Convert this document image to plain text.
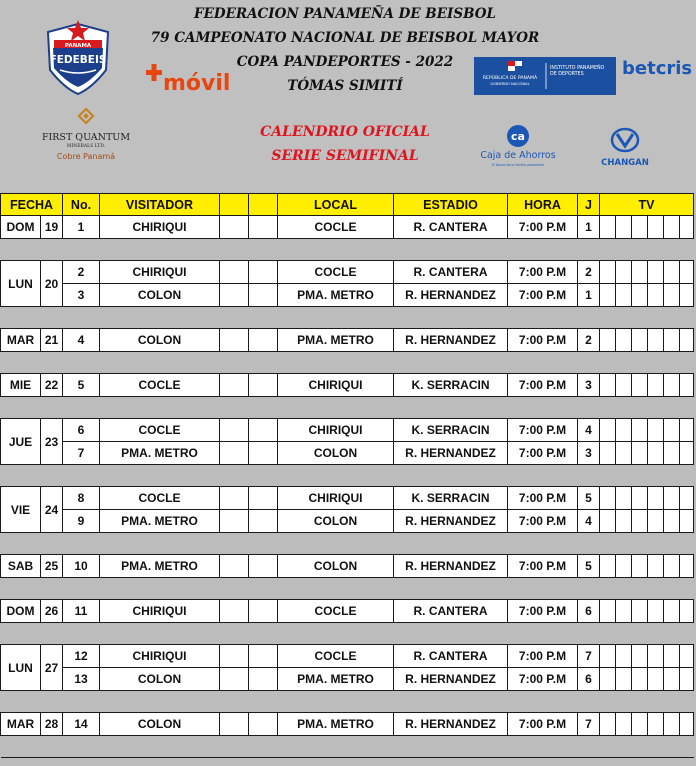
PANAMA
FEDEBEIS
móvil	REPÚBLICA DE PANAMÁ
GOBIERNO NACIONAL
INSTITUTO PANAMEÑO DE DEPORTES	betcris
FIRST QUANTUM
MINERALS LTD.
Cobre Panamá
ca
Caja de Ahorros
El banco de la familia panameña	CHANGAN
FEDERACION PANAMEÑA DE BEISBOL
79 CAMPEONATO NACIONAL DE BEISBOL MAYOR
COPA PANDEPORTES - 2022
TÓMAS SIMITÍ
CALENDRIO OFICIAL
SERIE SEMIFINAL
FECHA		No.	VISITADOR			LOCAL	ESTADIO	HORA	J	TV					
DOM	19	1	CHIRIQUI			COCLE	R. CANTERA	7:00 P.M	1						

LUN	20	2	CHIRIQUI			COCLE	R. CANTERA	7:00 P.M	2						
		3	COLON			PMA. METRO	R. HERNANDEZ	7:00 P.M	1						

MAR	21	4	COLON			PMA. METRO	R. HERNANDEZ	7:00 P.M	2						

MIE	22	5	COCLE			CHIRIQUI	K. SERRACIN	7:00 P.M	3						

JUE	23	6	COCLE			CHIRIQUI	K. SERRACIN	7:00 P.M	4						
		7	PMA. METRO			COLON	R. HERNANDEZ	7:00 P.M	3						

VIE	24	8	COCLE			CHIRIQUI	K. SERRACIN	7:00 P.M	5						
		9	PMA. METRO			COLON	R. HERNANDEZ	7:00 P.M	4						

SAB	25	10	PMA. METRO			COLON	R. HERNANDEZ	7:00 P.M	5						

DOM	26	11	CHIRIQUI			COCLE	R. CANTERA	7:00 P.M	6						

LUN	27	12	CHIRIQUI			COCLE	R. CANTERA	7:00 P.M	7						
		13	COLON			PMA. METRO	R. HERNANDEZ	7:00 P.M	6						

MAR	28	14	COLON			PMA. METRO	R. HERNANDEZ	7:00 P.M	7						
